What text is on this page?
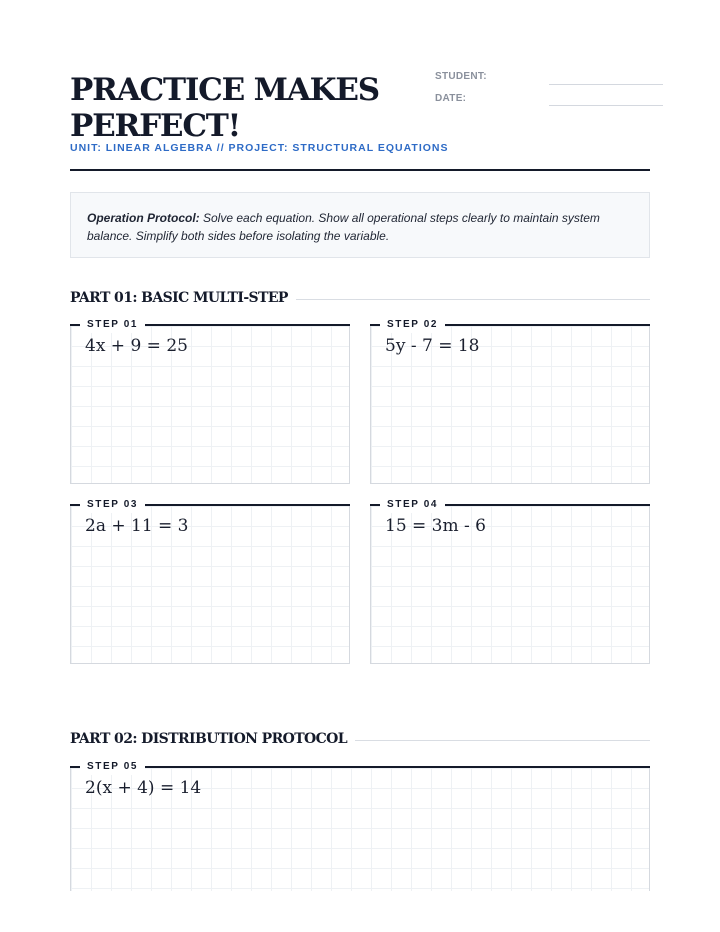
PRACTICE MAKES PERFECT!
UNIT: LINEAR ALGEBRA // PROJECT: STRUCTURAL EQUATIONS
STUDENT:
DATE:
Operation Protocol: Solve each equation. Show all operational steps clearly to maintain system balance. Simplify both sides before isolating the variable.
PART 01: BASIC MULTI-STEP
STEP 01
4x + 9 = 25
STEP 02
5y - 7 = 18
STEP 03
2a + 11 = 3
STEP 04
15 = 3m - 6
PART 02: DISTRIBUTION PROTOCOL
STEP 05
2(x + 4) = 14
